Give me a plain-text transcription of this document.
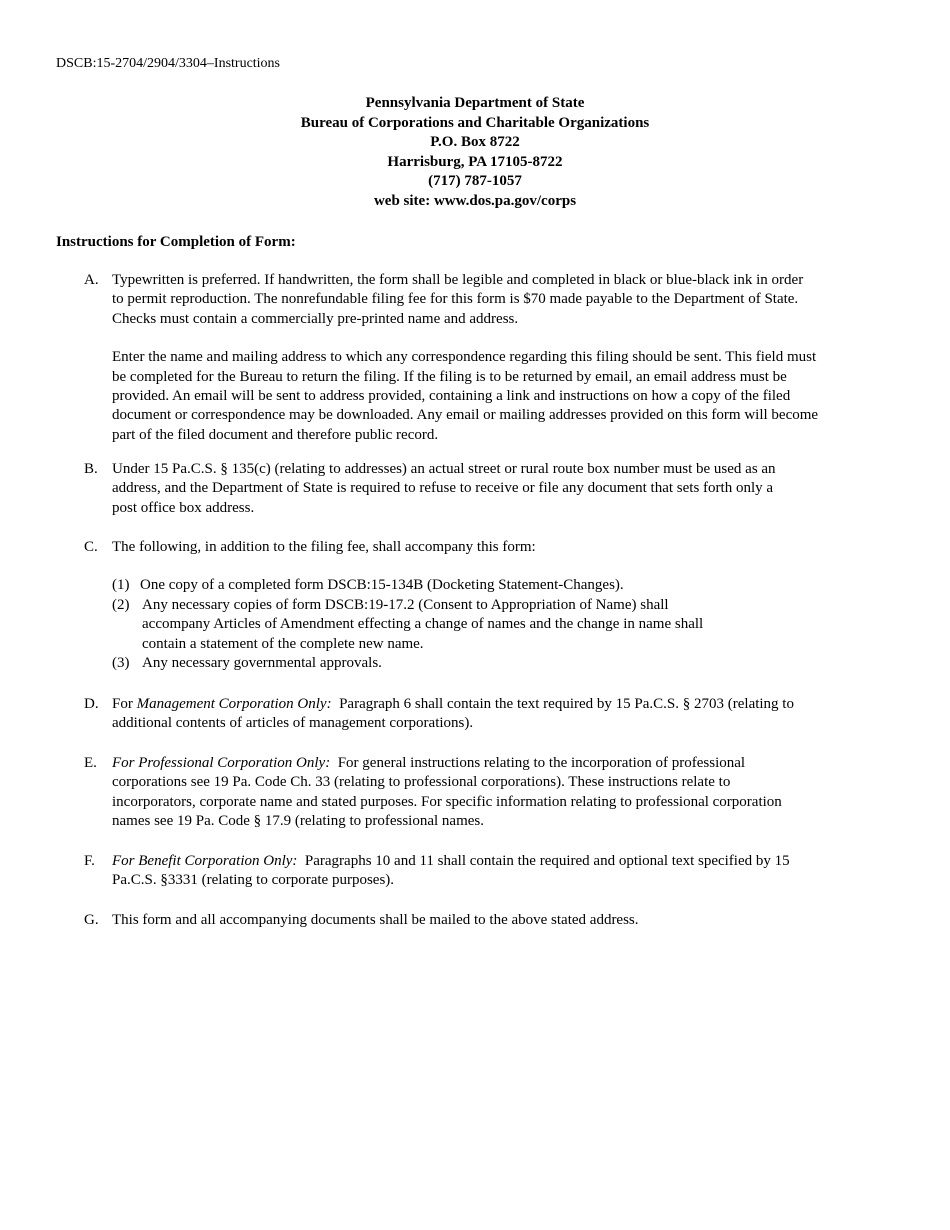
DSCB:15-2704/2904/3304–Instructions
Pennsylvania Department of State
Bureau of Corporations and Charitable Organizations
P.O. Box 8722
Harrisburg, PA 17105-8722
(717) 787-1057
web site: www.dos.pa.gov/corps
Instructions for Completion of Form:
A. Typewritten is preferred. If handwritten, the form shall be legible and completed in black or blue-black ink in order
to permit reproduction. The nonrefundable filing fee for this form is $70 made payable to the Department of State.
Checks must contain a commercially pre-printed name and address.

Enter the name and mailing address to which any correspondence regarding this filing should be sent. This field must
be completed for the Bureau to return the filing. If the filing is to be returned by email, an email address must be
provided. An email will be sent to address provided, containing a link and instructions on how a copy of the filed
document or correspondence may be downloaded. Any email or mailing addresses provided on this form will become
part of the filed document and therefore public record.

B. Under 15 Pa.C.S. § 135(c) (relating to addresses) an actual street or rural route box number must be used as an
address, and the Department of State is required to refuse to receive or file any document that sets forth only a
post office box address.

C. The following, in addition to the filing fee, shall accompany this form:

(1) One copy of a completed form DSCB:15-134B (Docketing Statement-Changes).
(2) Any necessary copies of form DSCB:19-17.2 (Consent to Appropriation of Name) shall
accompany Articles of Amendment effecting a change of names and the change in name shall
contain a statement of the complete new name.
(3) Any necessary governmental approvals.
D. For Management Corporation Only:  Paragraph 6 shall contain the text required by 15 Pa.C.S. § 2703 (relating to
additional contents of articles of management corporations).

E. For Professional Corporation Only:  For general instructions relating to the incorporation of professional
corporations see 19 Pa. Code Ch. 33 (relating to professional corporations). These instructions relate to
incorporators, corporate name and stated purposes. For specific information relating to professional corporation
names see 19 Pa. Code § 17.9 (relating to professional names.

F. For Benefit Corporation Only:  Paragraphs 10 and 11 shall contain the required and optional text specified by 15
Pa.C.S. §3331 (relating to corporate purposes).

G. This form and all accompanying documents shall be mailed to the above stated address.
